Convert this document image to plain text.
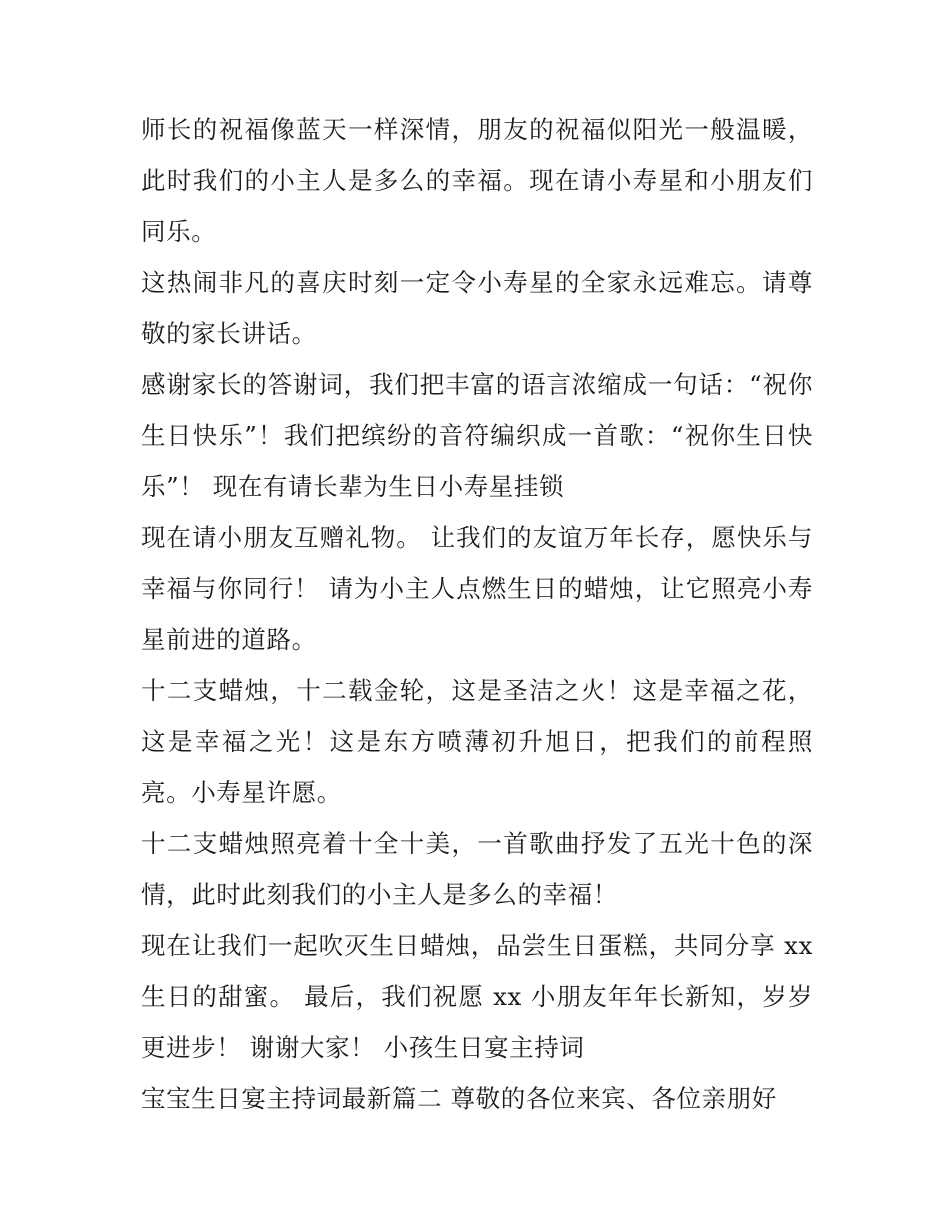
师长的祝福像蓝天一样深情，朋友的祝福似阳光一般温暖，此时我们的小主人是多么的幸福。现在请小寿星和小朋友们同乐。

这热闹非凡的喜庆时刻一定令小寿星的全家永远难忘。请尊敬的家长讲话。

感谢家长的答谢词，我们把丰富的语言浓缩成一句话：“祝你生日快乐”！我们把缤纷的音符编织成一首歌：“祝你生日快乐”！ 现在有请长辈为生日小寿星挂锁

现在请小朋友互赠礼物。 让我们的友谊万年长存，愿快乐与幸福与你同行！ 请为小主人点燃生日的蜡烛，让它照亮小寿星前进的道路。

十二支蜡烛，十二载金轮，这是圣洁之火！这是幸福之花，这是幸福之光！这是东方喷薄初升旭日，把我们的前程照亮。小寿星许愿。

十二支蜡烛照亮着十全十美，一首歌曲抒发了五光十色的深情，此时此刻我们的小主人是多么的幸福！

现在让我们一起吹灭生日蜡烛，品尝生日蛋糕，共同分享 xx 生日的甜蜜。 最后，我们祝愿 xx 小朋友年年长新知，岁岁更进步！ 谢谢大家！ 小孩生日宴主持词

宝宝生日宴主持词最新篇二 尊敬的各位来宾、各位亲朋好
